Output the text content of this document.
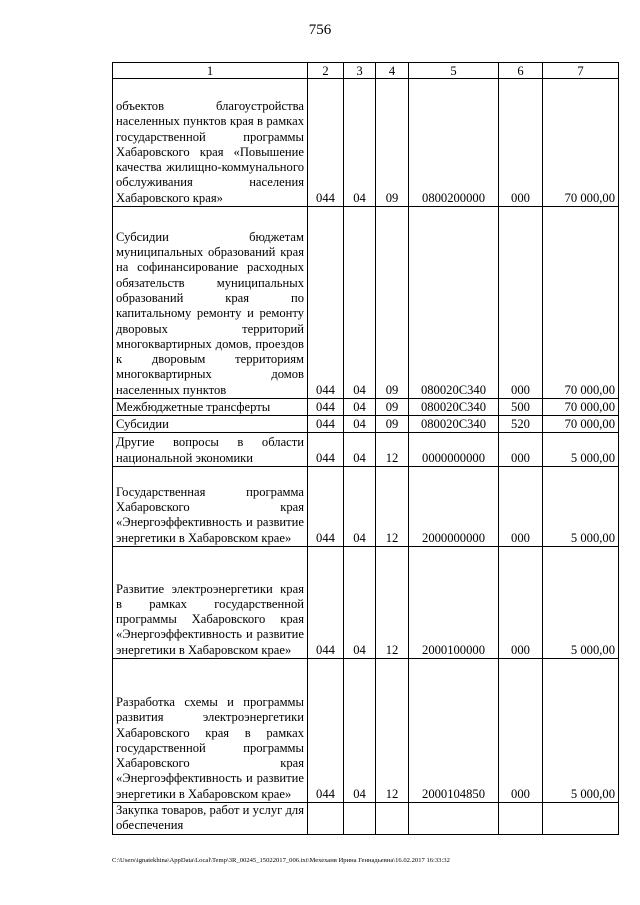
756
1	2	3	4	5	6	7
объектов благоустройства населенных пунктов края в рамках государственной программы Хабаровского края «Повышение качества жилищно-коммунального обслуживания населения Хабаровского края»	044	04	09	0800200000	000	70 000,00
Субсидии бюджетам муниципальных образований края на софинансирование расходных обязательств муниципальных образований края по капитальному ремонту и ремонту дворовых территорий многоквартирных домов, проездов к дворовым территориям многоквартирных домов населенных пунктов	044	04	09	080020С340	000	70 000,00
Межбюджетные трансферты	044	04	09	080020С340	500	70 000,00
Субсидии	044	04	09	080020С340	520	70 000,00
Другие вопросы в области национальной экономики	044	04	12	0000000000	000	5 000,00
Государственная программа Хабаровского края «Энергоэффективность и развитие энергетики в Хабаровском крае»	044	04	12	2000000000	000	5 000,00
Развитие электроэнергетики края в рамках государственной программы Хабаровского края «Энергоэффективность и развитие энергетики в Хабаровском крае»	044	04	12	2000100000	000	5 000,00
Разработка схемы и программы развития электроэнергетики Хабаровского края в рамках государственной программы Хабаровского края «Энергоэффективность и развитие энергетики в Хабаровском крае»	044	04	12	2000104850	000	5 000,00
Закупка товаров, работ и услуг для обеспечения						
C:\Users\ignatekhina\AppData\Local\Temp\3R_00245_15022017_006.txt\Мехеханв Ирина Геннадьевна\16.02.2017 16:33:32
